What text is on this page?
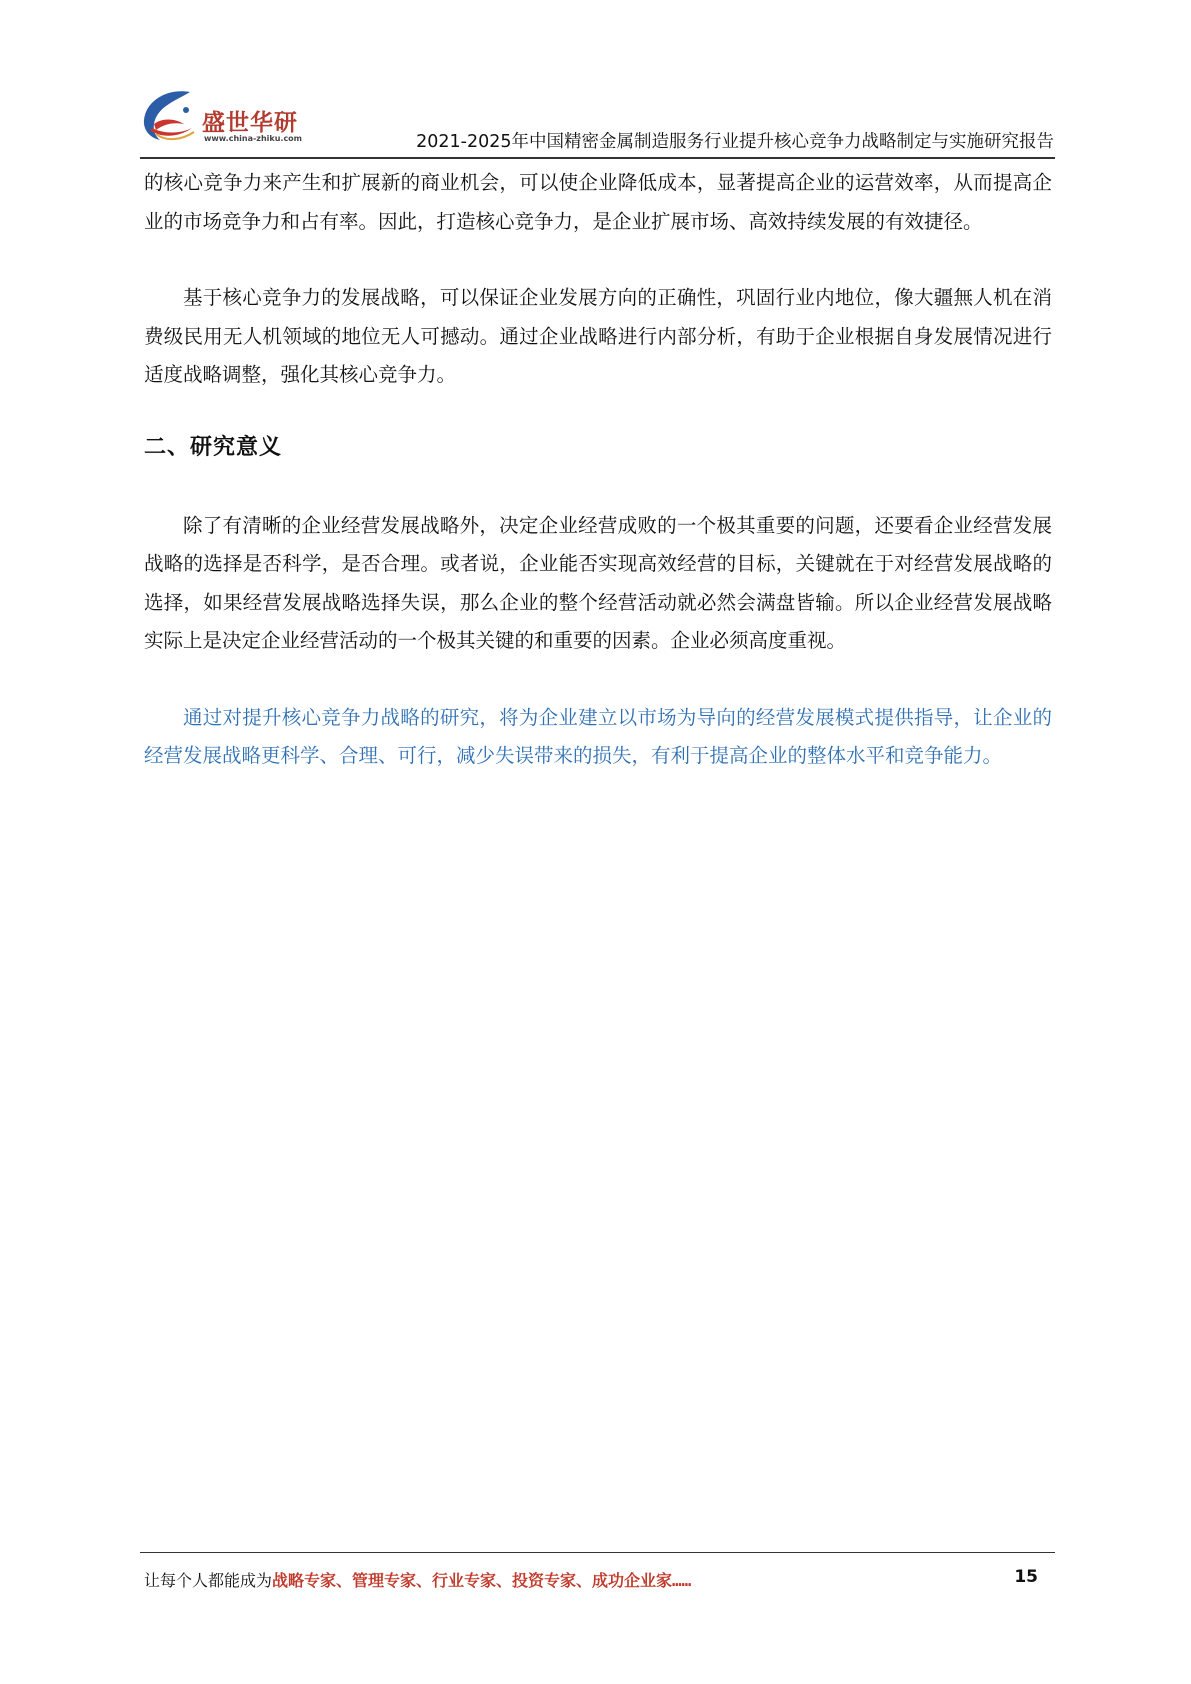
盛世华研
www.china-zhiku.com	2021-2025年中国精密金属制造服务行业提升核心竞争力战略制定与实施研究报告

的核心竞争力来产生和扩展新的商业机会，可以使企业降低成本，显著提高企业的运营效率，从而提高企业的市场竞争力和占有率。因此，打造核心竞争力，是企业扩展市场、高效持续发展的有效捷径。

基于核心竞争力的发展战略，可以保证企业发展方向的正确性，巩固行业内地位，像大疆無人机在消费级民用无人机领域的地位无人可撼动。通过企业战略进行内部分析，有助于企业根据自身发展情况进行适度战略调整，强化其核心竞争力。

二、研究意义

除了有清晰的企业经营发展战略外，决定企业经营成败的一个极其重要的问题，还要看企业经营发展战略的选择是否科学，是否合理。或者说，企业能否实现高效经营的目标，关键就在于对经营发展战略的选择，如果经营发展战略选择失误，那么企业的整个经营活动就必然会满盘皆输。所以企业经营发展战略实际上是决定企业经营活动的一个极其关键的和重要的因素。企业必须高度重视。

通过对提升核心竞争力战略的研究，将为企业建立以市场为导向的经营发展模式提供指导，让企业的经营发展战略更科学、合理、可行，减少失误带来的损失，有利于提高企业的整体水平和竞争能力。

让每个人都能成为战略专家、管理专家、行业专家、投资专家、成功企业家……	15
